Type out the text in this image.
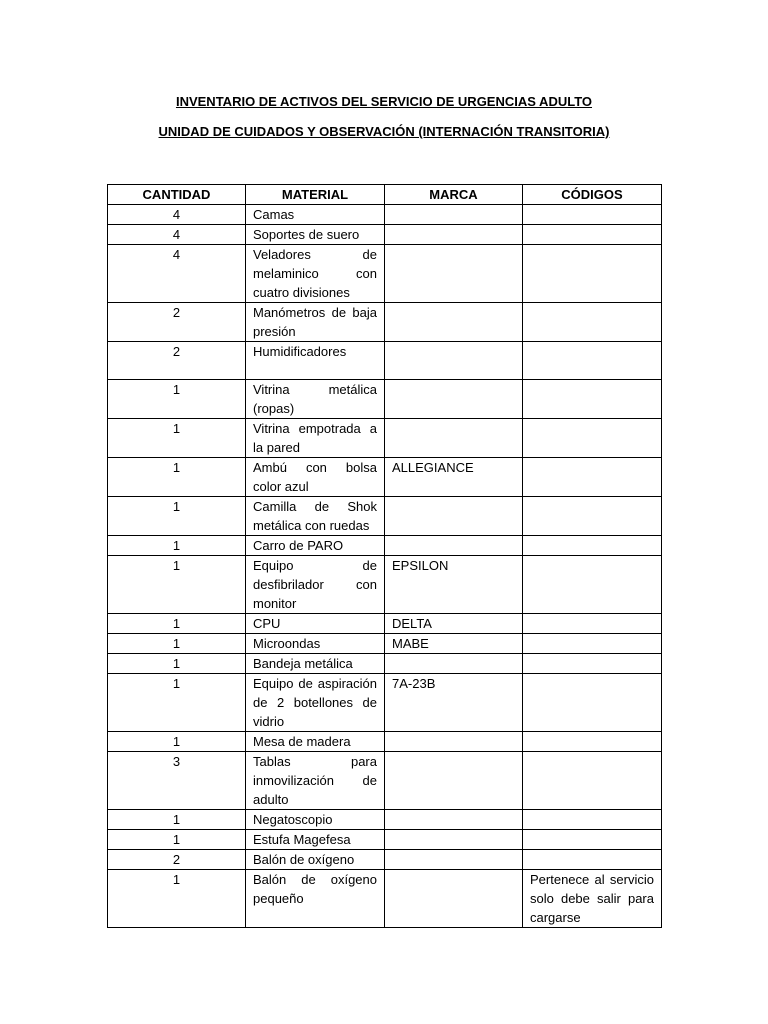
INVENTARIO DE ACTIVOS DEL SERVICIO DE URGENCIAS ADULTO
UNIDAD DE CUIDADOS Y OBSERVACIÓN (INTERNACIÓN TRANSITORIA)
CANTIDAD	MATERIAL	MARCA	CÓDIGOS
4	Camas		
4	Soportes de suero		
4	Veladores de melaminico con cuatro divisiones		
2	Manómetros de baja presión		
2	Humidificadores		
1	Vitrina metálica (ropas)		
1	Vitrina empotrada a la pared		
1	Ambú con bolsa color azul	ALLEGIANCE	
1	Camilla de Shok metálica con ruedas		
1	Carro de PARO		
1	Equipo de desfibrilador con monitor	EPSILON	
1	CPU	DELTA	
1	Microondas	MABE	
1	Bandeja metálica		
1	Equipo de aspiración de 2 botellones de vidrio	7A-23B	
1	Mesa de madera		
3	Tablas para inmovilización de adulto		
1	Negatoscopio		
1	Estufa Magefesa		
2	Balón de oxígeno		
1	Balón de oxígeno pequeño		Pertenece al servicio solo debe salir para cargarse
